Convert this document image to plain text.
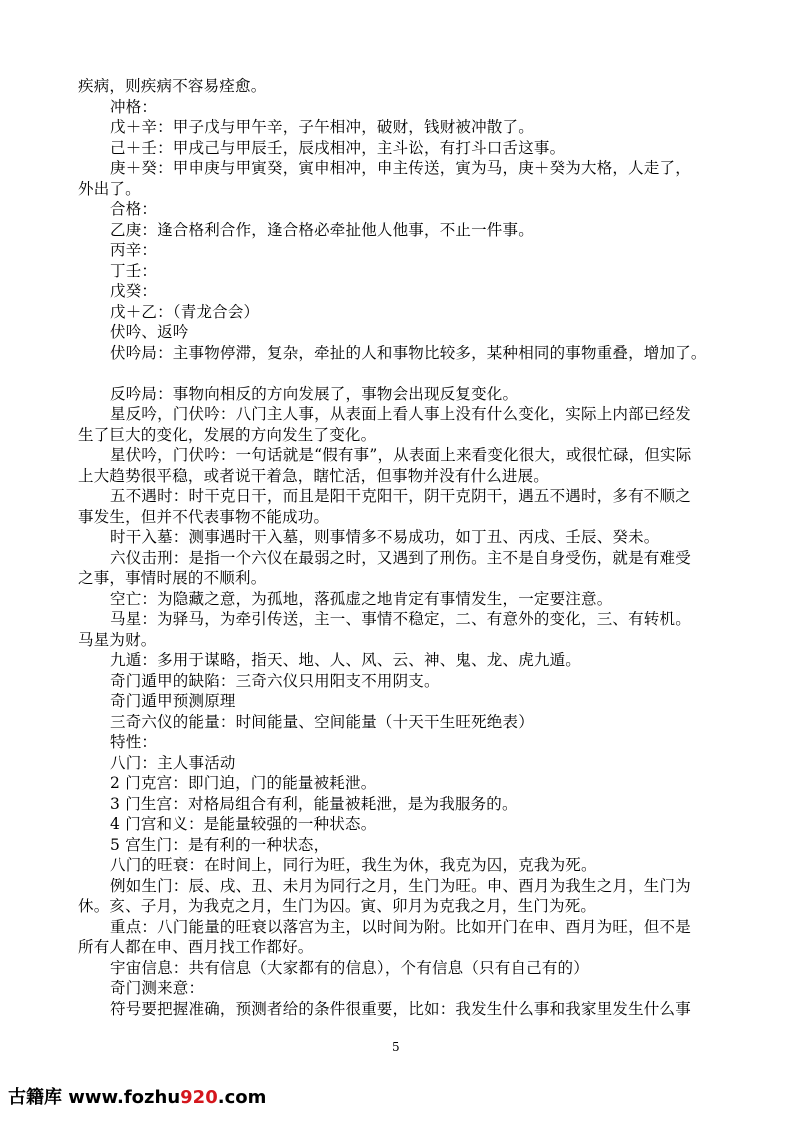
疾病，则疾病不容易痊愈。
冲格：
戊＋辛：甲子戊与甲午辛，子午相冲，破财，钱财被冲散了。
己＋壬：甲戌己与甲辰壬，辰戌相冲，主斗讼，有打斗口舌这事。
庚＋癸：甲申庚与甲寅癸，寅申相冲，申主传送，寅为马，庚＋癸为大格，人走了，
外出了。
合格：
乙庚：逢合格利合作，逢合格必牵扯他人他事，不止一件事。
丙辛：
丁壬：
戊癸：
戊＋乙：（青龙合会）
伏吟、返吟
伏吟局：主事物停滞，复杂，牵扯的人和事物比较多，某种相同的事物重叠，增加了。
反吟局：事物向相反的方向发展了，事物会出现反复变化。
星反吟，门伏吟：八门主人事，从表面上看人事上没有什么变化，实际上内部已经发
生了巨大的变化，发展的方向发生了变化。
星伏吟，门伏吟：一句话就是“假有事”，从表面上来看变化很大，或很忙碌，但实际
上大趋势很平稳，或者说干着急，瞎忙活，但事物并没有什么进展。
五不遇时：时干克日干，而且是阳干克阳干，阴干克阴干，遇五不遇时，多有不顺之
事发生，但并不代表事物不能成功。
时干入墓：测事遇时干入墓，则事情多不易成功，如丁丑、丙戌、壬辰、癸未。
六仪击刑：是指一个六仪在最弱之时，又遇到了刑伤。主不是自身受伤，就是有难受
之事，事情时展的不顺利。
空亡：为隐藏之意，为孤地，落孤虚之地肯定有事情发生，一定要注意。
马星：为驿马，为牵引传送，主一、事情不稳定，二、有意外的变化，三、有转机。
马星为财。
九遁：多用于谋略，指天、地、人、风、云、神、鬼、龙、虎九遁。
奇门遁甲的缺陷：三奇六仪只用阳支不用阴支。
奇门遁甲预测原理
三奇六仪的能量：时间能量、空间能量（十天干生旺死绝表）
特性：
八门：主人事活动
2 门克宫：即门迫，门的能量被耗泄。
3 门生宫：对格局组合有利，能量被耗泄，是为我服务的。
4 门宫和义：是能量较强的一种状态。
5 宫生门：是有利的一种状态，
八门的旺衰：在时间上，同行为旺，我生为休，我克为囚，克我为死。
例如生门：辰、戌、丑、未月为同行之月，生门为旺。申、酉月为我生之月，生门为
休。亥、子月，为我克之月，生门为囚。寅、卯月为克我之月，生门为死。
重点：八门能量的旺衰以落宫为主，以时间为附。比如开门在申、酉月为旺，但不是
所有人都在申、酉月找工作都好。
宇宙信息：共有信息（大家都有的信息），个有信息（只有自己有的）
奇门测来意：
符号要把握准确，预测者给的条件很重要，比如：我发生什么事和我家里发生什么事
5
古籍库 www.fozhu920.com
